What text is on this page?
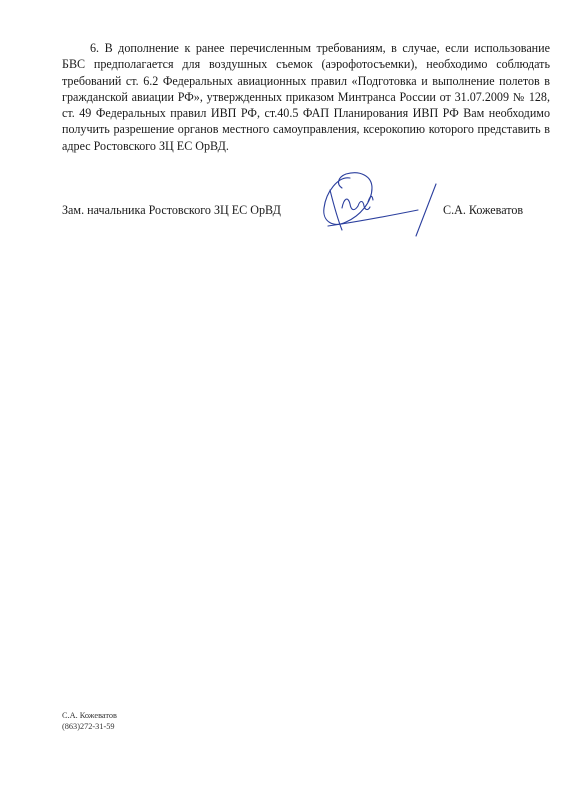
6. В дополнение к ранее перечисленным требованиям, в случае, если использование БВС предполагается для воздушных съемок (аэрофотосъемки), необходимо соблюдать требований ст. 6.2 Федеральных авиационных правил «Подготовка и выполнение полетов в гражданской авиации РФ», утвержденных приказом Минтранса России от 31.07.2009 № 128, ст. 49 Федеральных правил ИВП РФ, ст.40.5 ФАП Планирования ИВП РФ Вам необходимо получить разрешение органов местного самоуправления, ксерокопию которого представить в адрес Ростовского ЗЦ ЕС ОрВД.

Зам. начальника Ростовского ЗЦ ЕС ОрВД	С.А. Кожеватов
С.А. Кожеватов
(863)272-31-59
